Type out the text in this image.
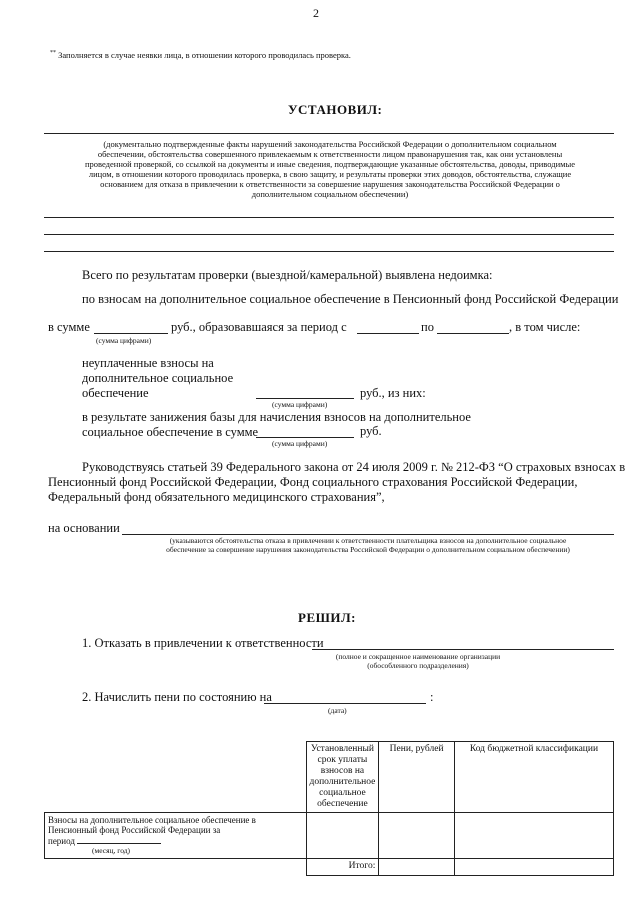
2
** Заполняется в случае неявки лица, в отношении которого проводилась проверка.
УСТАНОВИЛ:
(документально подтвержденные факты нарушений законодательства Российской Федерации о дополнительном социальном
обеспечении, обстоятельства совершенного привлекаемым к ответственности лицом правонарушения так, как они установлены
проведенной проверкой, со ссылкой на документы и иные сведения, подтверждающие указанные обстоятельства, доводы, приводимые
лицом, в отношении которого проводилась проверка, в свою защиту, и результаты проверки этих доводов, обстоятельства, служащие
основанием для отказа в привлечении к ответственности за совершение нарушения законодательства Российской Федерации о
дополнительном социальном обеспечении)
Всего по результатам проверки (выездной/камеральной) выявлена недоимка:
по взносам на дополнительное социальное обеспечение в Пенсионный фонд Российской Федерации
в сумме	руб., образовавшаяся за период с	по	, в том числе:
(сумма цифрами)
неуплаченные взносы на
дополнительное социальное
обеспечение	руб., из них:
(сумма цифрами)
в результате занижения базы для начисления взносов на дополнительное
социальное обеспечение в сумме	руб.
(сумма цифрами)
Руководствуясь статьей 39 Федерального закона от 24 июля 2009 г. № 212-ФЗ “О страховых взносах в
Пенсионный фонд Российской Федерации, Фонд социального страхования Российской Федерации,
Федеральный фонд обязательного медицинского страхования”,
на основании
(указываются обстоятельства отказа в привлечении к ответственности плательщика взносов на дополнительное социальное
обеспечение за совершение нарушения законодательства Российской Федерации о дополнительном социальном обеспечении)
РЕШИЛ:
1. Отказать в привлечении к ответственности
(полное и сокращенное наименование организации
(обособленного подразделения)
2. Начислить пени по состоянию на	:
(дата)
	Установленный срок уплаты взносов на дополнительное социальное обеспечение	Пени, рублей	Код бюджетной классификации

Взносы на дополнительное социальное обеспечение в
Пенсионный фонд Российской Федерации за
период
(месяц, год)			

	Итого:		
